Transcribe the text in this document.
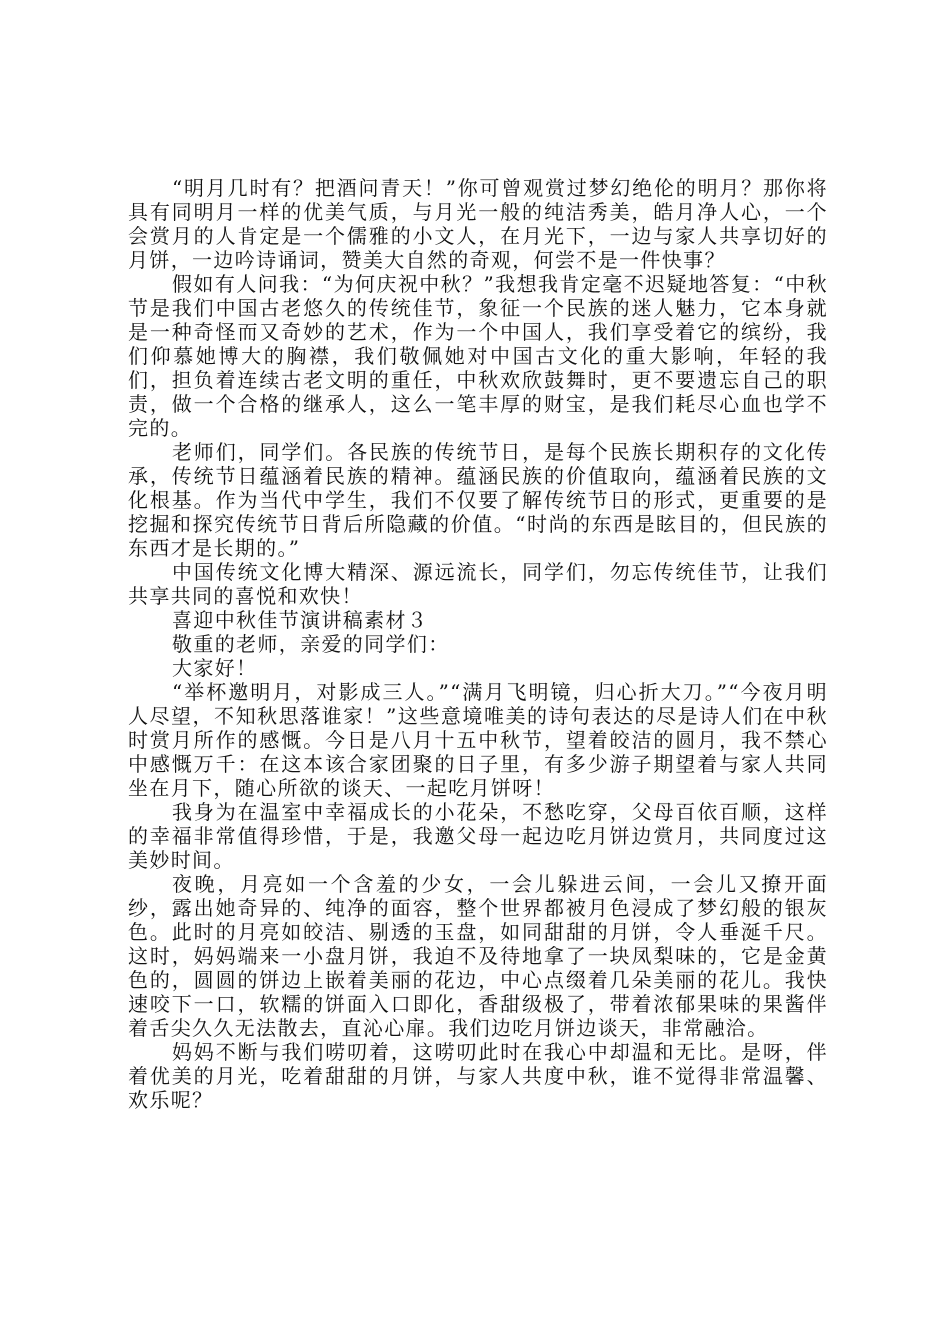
“明月几时有？把酒问青天！”你可曾观赏过梦幻绝伦的明月？那你将具有同明月一样的优美气质，与月光一般的纯洁秀美，皓月净人心，一个会赏月的人肯定是一个儒雅的小文人，在月光下，一边与家人共享切好的月饼，一边吟诗诵词，赞美大自然的奇观，何尝不是一件快事？

假如有人问我：“为何庆祝中秋？”我想我肯定毫不迟疑地答复：“中秋节是我们中国古老悠久的传统佳节，象征一个民族的迷人魅力，它本身就是一种奇怪而又奇妙的艺术，作为一个中国人，我们享受着它的缤纷，我们仰慕她博大的胸襟，我们敬佩她对中国古文化的重大影响，年轻的我们，担负着连续古老文明的重任，中秋欢欣鼓舞时，更不要遗忘自己的职责，做一个合格的继承人，这么一笔丰厚的财宝，是我们耗尽心血也学不完的。

老师们，同学们。各民族的传统节日，是每个民族长期积存的文化传承，传统节日蕴涵着民族的精神。蕴涵民族的价值取向，蕴涵着民族的文化根基。作为当代中学生，我们不仅要了解传统节日的形式，更重要的是挖掘和探究传统节日背后所隐藏的价值。“时尚的东西是眩目的，但民族的东西才是长期的。”

中国传统文化博大精深、源远流长，同学们，勿忘传统佳节，让我们共享共同的喜悦和欢快！

喜迎中秋佳节演讲稿素材３

敬重的老师，亲爱的同学们：

大家好！

“举杯邀明月，对影成三人。”“满月飞明镜，归心折大刀。”“今夜月明人尽望，不知秋思落谁家！”这些意境唯美的诗句表达的尽是诗人们在中秋时赏月所作的感慨。今日是八月十五中秋节，望着皎洁的圆月，我不禁心中感慨万千：在这本该合家团聚的日子里，有多少游子期望着与家人共同坐在月下，随心所欲的谈天、一起吃月饼呀！

我身为在温室中幸福成长的小花朵，不愁吃穿，父母百依百顺，这样的幸福非常值得珍惜，于是，我邀父母一起边吃月饼边赏月，共同度过这美妙时间。

夜晚，月亮如一个含羞的少女，一会儿躲进云间，一会儿又撩开面纱，露出她奇异的、纯净的面容，整个世界都被月色浸成了梦幻般的银灰色。此时的月亮如皎洁、剔透的玉盘，如同甜甜的月饼，令人垂涎千尺。这时，妈妈端来一小盘月饼，我迫不及待地拿了一块凤梨味的，它是金黄色的，圆圆的饼边上嵌着美丽的花边，中心点缀着几朵美丽的花儿。我快速咬下一口，软糯的饼面入口即化，香甜级极了，带着浓郁果味的果酱伴着舌尖久久无法散去，直沁心扉。我们边吃月饼边谈天，非常融洽。

妈妈不断与我们唠叨着，这唠叨此时在我心中却温和无比。是呀，伴着优美的月光，吃着甜甜的月饼，与家人共度中秋，谁不觉得非常温馨、欢乐呢？
